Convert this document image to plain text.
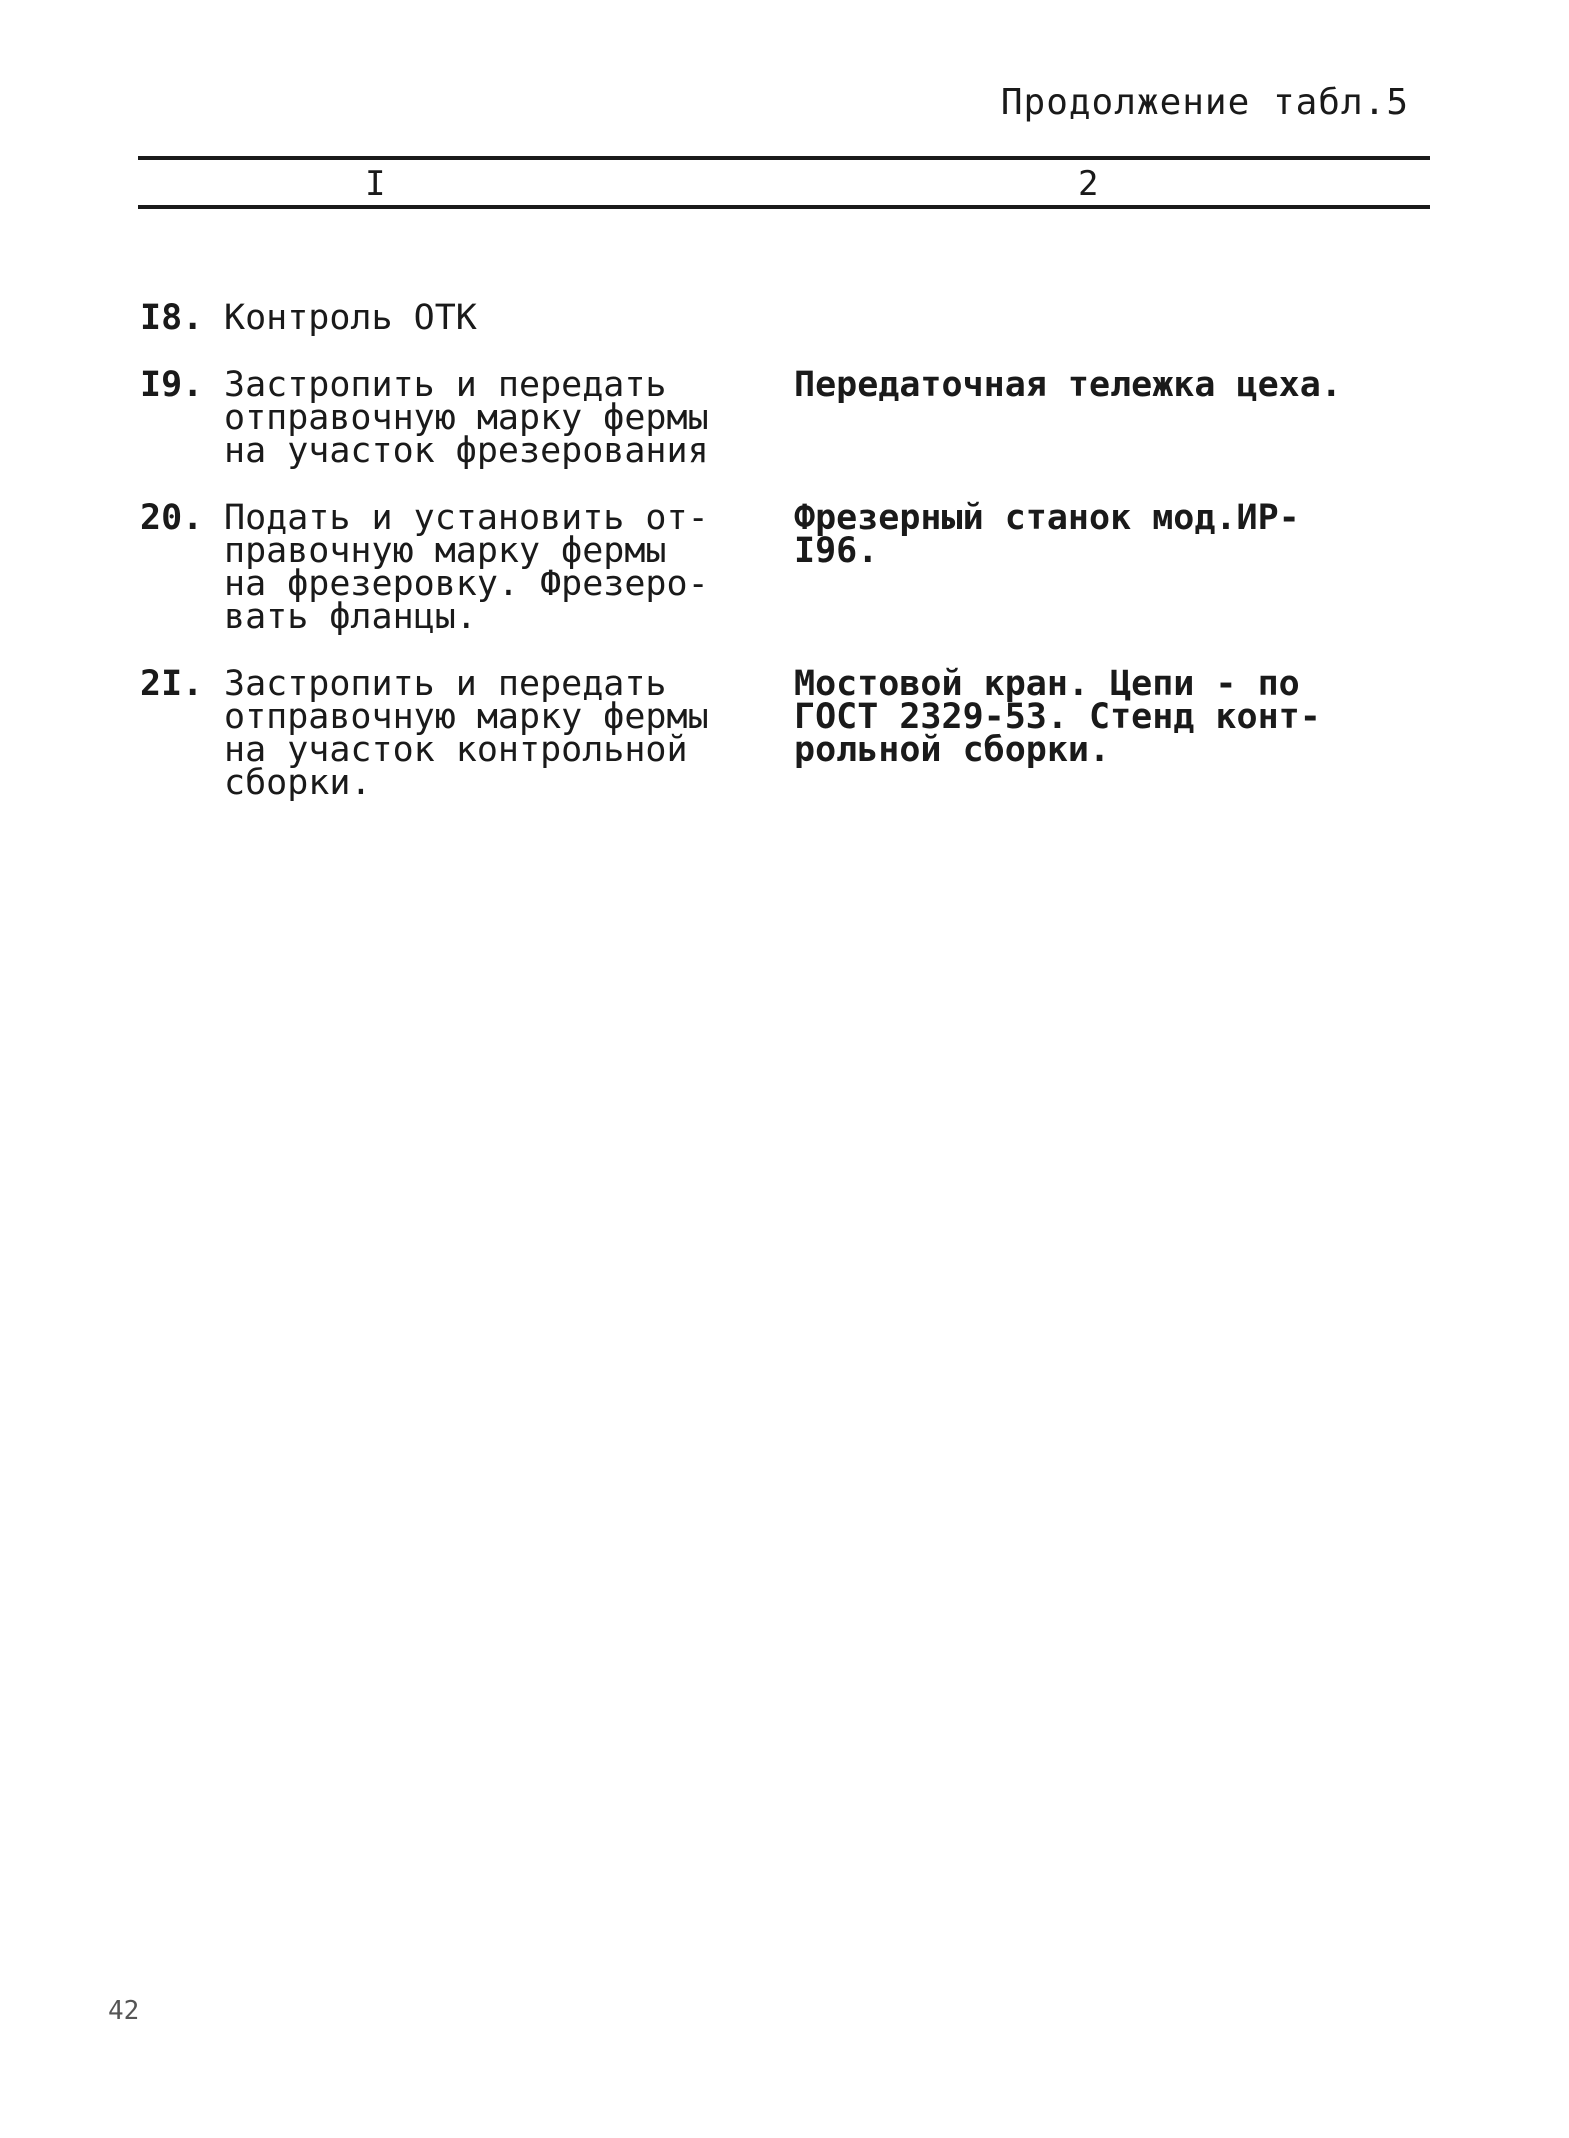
Продолжение табл.5
I	2
I8. Контроль ОТК
I9. Застропить и передать
отправочную марку фермы
на участок фрезерования
Передаточная тележка цеха.
20. Подать и установить от-
правочную марку фермы
на фрезеровку. Фрезеро-
вать фланцы.
Фрезерный станок мод.ИР-I96.
2I. Застропить и передать
отправочную марку фермы
на участок контрольной
сборки.
Мостовой кран. Цепи - по
ГОСТ 2329-53. Стенд конт-
рольной сборки.
42
